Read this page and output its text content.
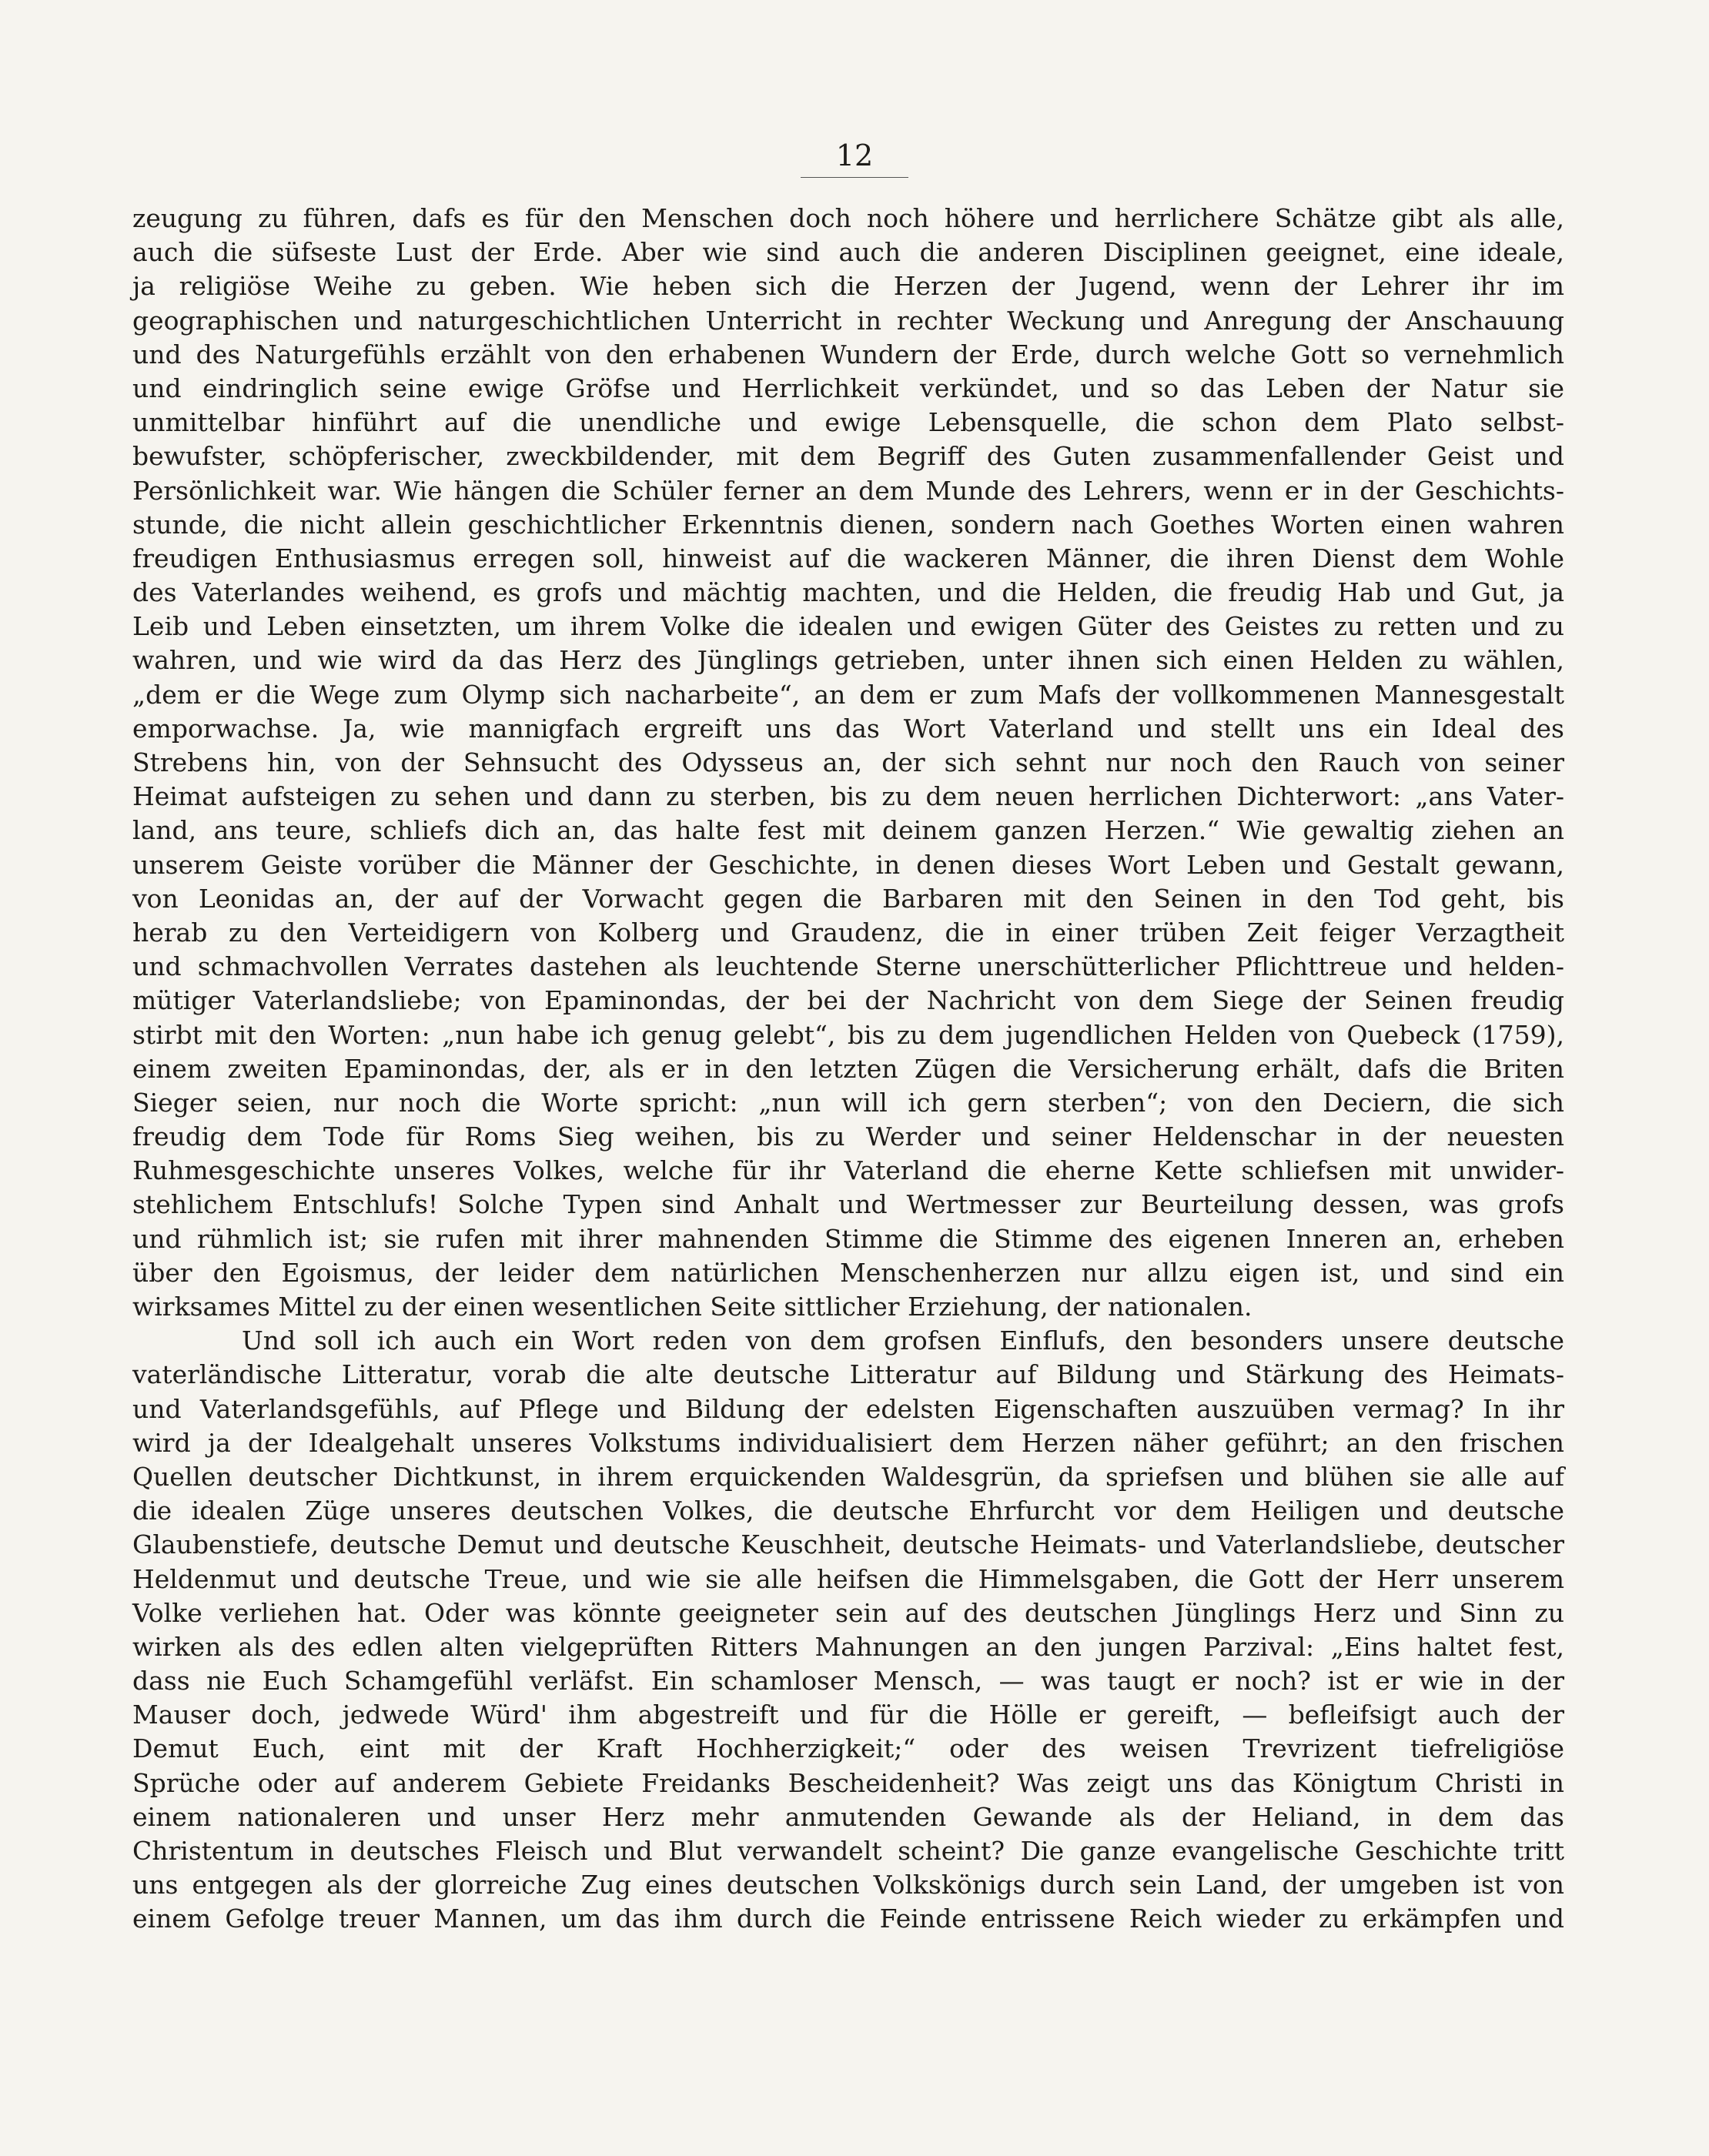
12
zeugung zu führen, dafs es für den Menschen doch noch höhere und herrlichere Schätze gibt als alle,
auch die süfseste Lust der Erde. Aber wie sind auch die anderen Disciplinen geeignet, eine ideale,
ja religiöse Weihe zu geben. Wie heben sich die Herzen der Jugend, wenn der Lehrer ihr im
geographischen und naturgeschichtlichen Unterricht in rechter Weckung und Anregung der Anschauung
und des Naturgefühls erzählt von den erhabenen Wundern der Erde, durch welche Gott so vernehmlich
und eindringlich seine ewige Gröfse und Herrlichkeit verkündet, und so das Leben der Natur sie
unmittelbar hinführt auf die unendliche und ewige Lebensquelle, die schon dem Plato selbst-
bewufster, schöpferischer, zweckbildender, mit dem Begriff des Guten zusammenfallender Geist und
Persönlichkeit war. Wie hängen die Schüler ferner an dem Munde des Lehrers, wenn er in der Geschichts-
stunde, die nicht allein geschichtlicher Erkenntnis dienen, sondern nach Goethes Worten einen wahren
freudigen Enthusiasmus erregen soll, hinweist auf die wackeren Männer, die ihren Dienst dem Wohle
des Vaterlandes weihend, es grofs und mächtig machten, und die Helden, die freudig Hab und Gut, ja
Leib und Leben einsetzten, um ihrem Volke die idealen und ewigen Güter des Geistes zu retten und zu
wahren, und wie wird da das Herz des Jünglings getrieben, unter ihnen sich einen Helden zu wählen,
„dem er die Wege zum Olymp sich nacharbeite“, an dem er zum Mafs der vollkommenen Mannesgestalt
emporwachse. Ja, wie mannigfach ergreift uns das Wort Vaterland und stellt uns ein Ideal des
Strebens hin, von der Sehnsucht des Odysseus an, der sich sehnt nur noch den Rauch von seiner
Heimat aufsteigen zu sehen und dann zu sterben, bis zu dem neuen herrlichen Dichterwort: „ans Vater-
land, ans teure, schliefs dich an, das halte fest mit deinem ganzen Herzen.“ Wie gewaltig ziehen an
unserem Geiste vorüber die Männer der Geschichte, in denen dieses Wort Leben und Gestalt gewann,
von Leonidas an, der auf der Vorwacht gegen die Barbaren mit den Seinen in den Tod geht, bis
herab zu den Verteidigern von Kolberg und Graudenz, die in einer trüben Zeit feiger Verzagtheit
und schmachvollen Verrates dastehen als leuchtende Sterne unerschütterlicher Pflichttreue und helden-
mütiger Vaterlandsliebe; von Epaminondas, der bei der Nachricht von dem Siege der Seinen freudig
stirbt mit den Worten: „nun habe ich genug gelebt“, bis zu dem jugendlichen Helden von Quebeck (1759),
einem zweiten Epaminondas, der, als er in den letzten Zügen die Versicherung erhält, dafs die Briten
Sieger seien, nur noch die Worte spricht: „nun will ich gern sterben“; von den Deciern, die sich
freudig dem Tode für Roms Sieg weihen, bis zu Werder und seiner Heldenschar in der neuesten
Ruhmesgeschichte unseres Volkes, welche für ihr Vaterland die eherne Kette schliefsen mit unwider-
stehlichem Entschlufs! Solche Typen sind Anhalt und Wertmesser zur Beurteilung dessen, was grofs
und rühmlich ist; sie rufen mit ihrer mahnenden Stimme die Stimme des eigenen Inneren an, erheben
über den Egoismus, der leider dem natürlichen Menschenherzen nur allzu eigen ist, und sind ein
wirksames Mittel zu der einen wesentlichen Seite sittlicher Erziehung, der nationalen.
Und soll ich auch ein Wort reden von dem grofsen Einflufs, den besonders unsere deutsche
vaterländische Litteratur, vorab die alte deutsche Litteratur auf Bildung und Stärkung des Heimats-
und Vaterlandsgefühls, auf Pflege und Bildung der edelsten Eigenschaften auszuüben vermag? In ihr
wird ja der Idealgehalt unseres Volkstums individualisiert dem Herzen näher geführt; an den frischen
Quellen deutscher Dichtkunst, in ihrem erquickenden Waldesgrün, da spriefsen und blühen sie alle auf
die idealen Züge unseres deutschen Volkes, die deutsche Ehrfurcht vor dem Heiligen und deutsche
Glaubenstiefe, deutsche Demut und deutsche Keuschheit, deutsche Heimats- und Vaterlandsliebe, deutscher
Heldenmut und deutsche Treue, und wie sie alle heifsen die Himmelsgaben, die Gott der Herr unserem
Volke verliehen hat. Oder was könnte geeigneter sein auf des deutschen Jünglings Herz und Sinn zu
wirken als des edlen alten vielgeprüften Ritters Mahnungen an den jungen Parzival: „Eins haltet fest,
dass nie Euch Schamgefühl verläfst. Ein schamloser Mensch, — was taugt er noch? ist er wie in der
Mauser doch, jedwede Würd' ihm abgestreift und für die Hölle er gereift, — befleifsigt auch der
Demut Euch, eint mit der Kraft Hochherzigkeit;“ oder des weisen Trevrizent tiefreligiöse
Sprüche oder auf anderem Gebiete Freidanks Bescheidenheit? Was zeigt uns das Königtum Christi in
einem nationaleren und unser Herz mehr anmutenden Gewande als der Heliand, in dem das
Christentum in deutsches Fleisch und Blut verwandelt scheint? Die ganze evangelische Geschichte tritt
uns entgegen als der glorreiche Zug eines deutschen Volkskönigs durch sein Land, der umgeben ist von
einem Gefolge treuer Mannen, um das ihm durch die Feinde entrissene Reich wieder zu erkämpfen und
